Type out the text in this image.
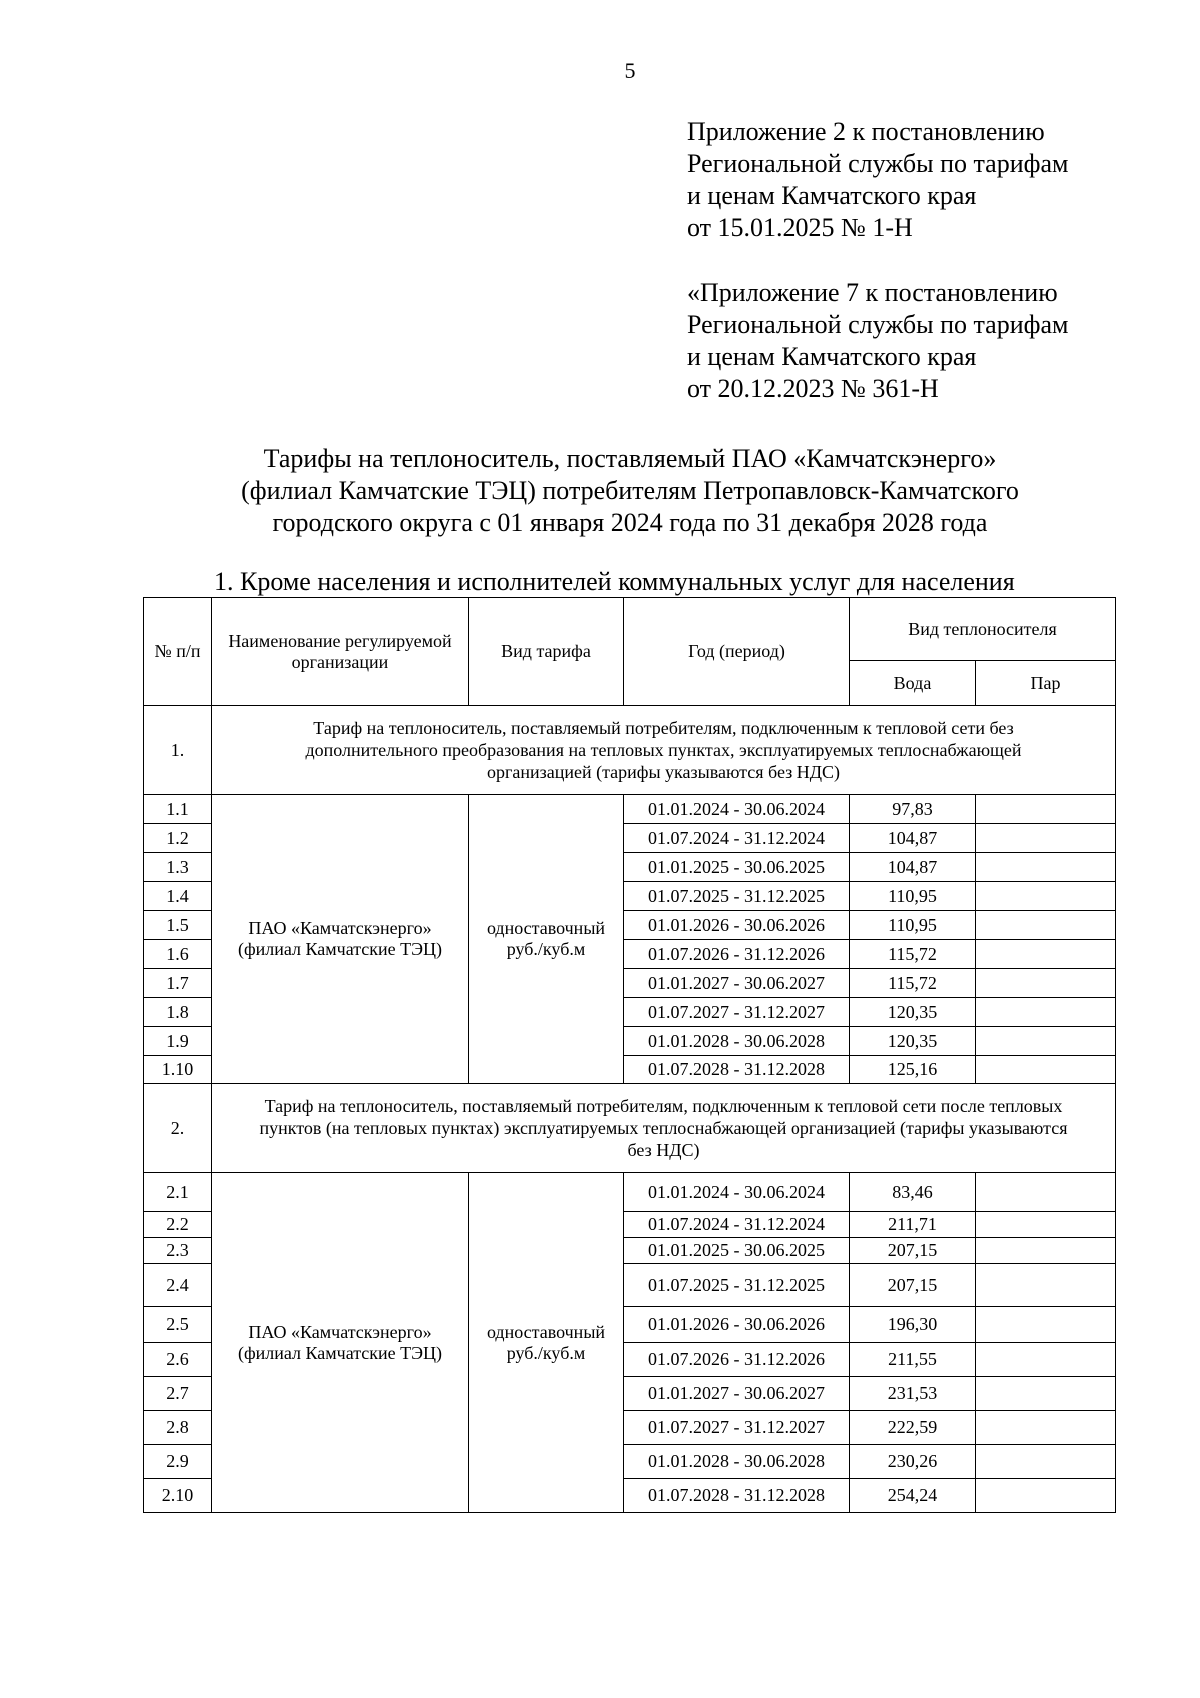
5
Приложение 2 к постановлению
Региональной службы по тарифам
и ценам Камчатского края
от 15.01.2025 № 1-Н
«Приложение 7 к постановлению
Региональной службы по тарифам
и ценам Камчатского края
от 20.12.2023 № 361-Н
Тарифы на теплоноситель, поставляемый ПАО «Камчатскэнерго»
(филиал Камчатские ТЭЦ) потребителям Петропавловск-Камчатского
городского округа с 01 января 2024 года по 31 декабря 2028 года
1. Кроме населения и исполнителей коммунальных услуг для населения
№ п/п	Наименование регулируемой организации	Вид тарифа	Год (период)	Вид теплоносителя	
				Вода	Пар
1.	Тариф на теплоноситель, поставляемый потребителям, подключенным к тепловой сети без дополнительного преобразования на тепловых пунктах, эксплуатируемых теплоснабжающей организацией (тарифы указываются без НДС)				
1.1	ПАО «Камчатскэнерго» (филиал Камчатские ТЭЦ)	одноставочный руб./куб.м	01.01.2024 - 30.06.2024	97,83	
1.2			01.07.2024 - 31.12.2024	104,87	
1.3			01.01.2025 - 30.06.2025	104,87	
1.4			01.07.2025 - 31.12.2025	110,95	
1.5			01.01.2026 - 30.06.2026	110,95	
1.6			01.07.2026 - 31.12.2026	115,72	
1.7			01.01.2027 - 30.06.2027	115,72	
1.8			01.07.2027 - 31.12.2027	120,35	
1.9			01.01.2028 - 30.06.2028	120,35	
1.10			01.07.2028 - 31.12.2028	125,16	
2.	Тариф на теплоноситель, поставляемый потребителям, подключенным к тепловой сети после тепловых пунктов (на тепловых пунктах) эксплуатируемых теплоснабжающей организацией (тарифы указываются без НДС)				
2.1	ПАО «Камчатскэнерго» (филиал Камчатские ТЭЦ)	одноставочный руб./куб.м	01.01.2024 - 30.06.2024	83,46	
2.2			01.07.2024 - 31.12.2024	211,71	
2.3			01.01.2025 - 30.06.2025	207,15	
2.4			01.07.2025 - 31.12.2025	207,15	
2.5			01.01.2026 - 30.06.2026	196,30	
2.6			01.07.2026 - 31.12.2026	211,55	
2.7			01.01.2027 - 30.06.2027	231,53	
2.8			01.07.2027 - 31.12.2027	222,59	
2.9			01.01.2028 - 30.06.2028	230,26	
2.10			01.07.2028 - 31.12.2028	254,24	
